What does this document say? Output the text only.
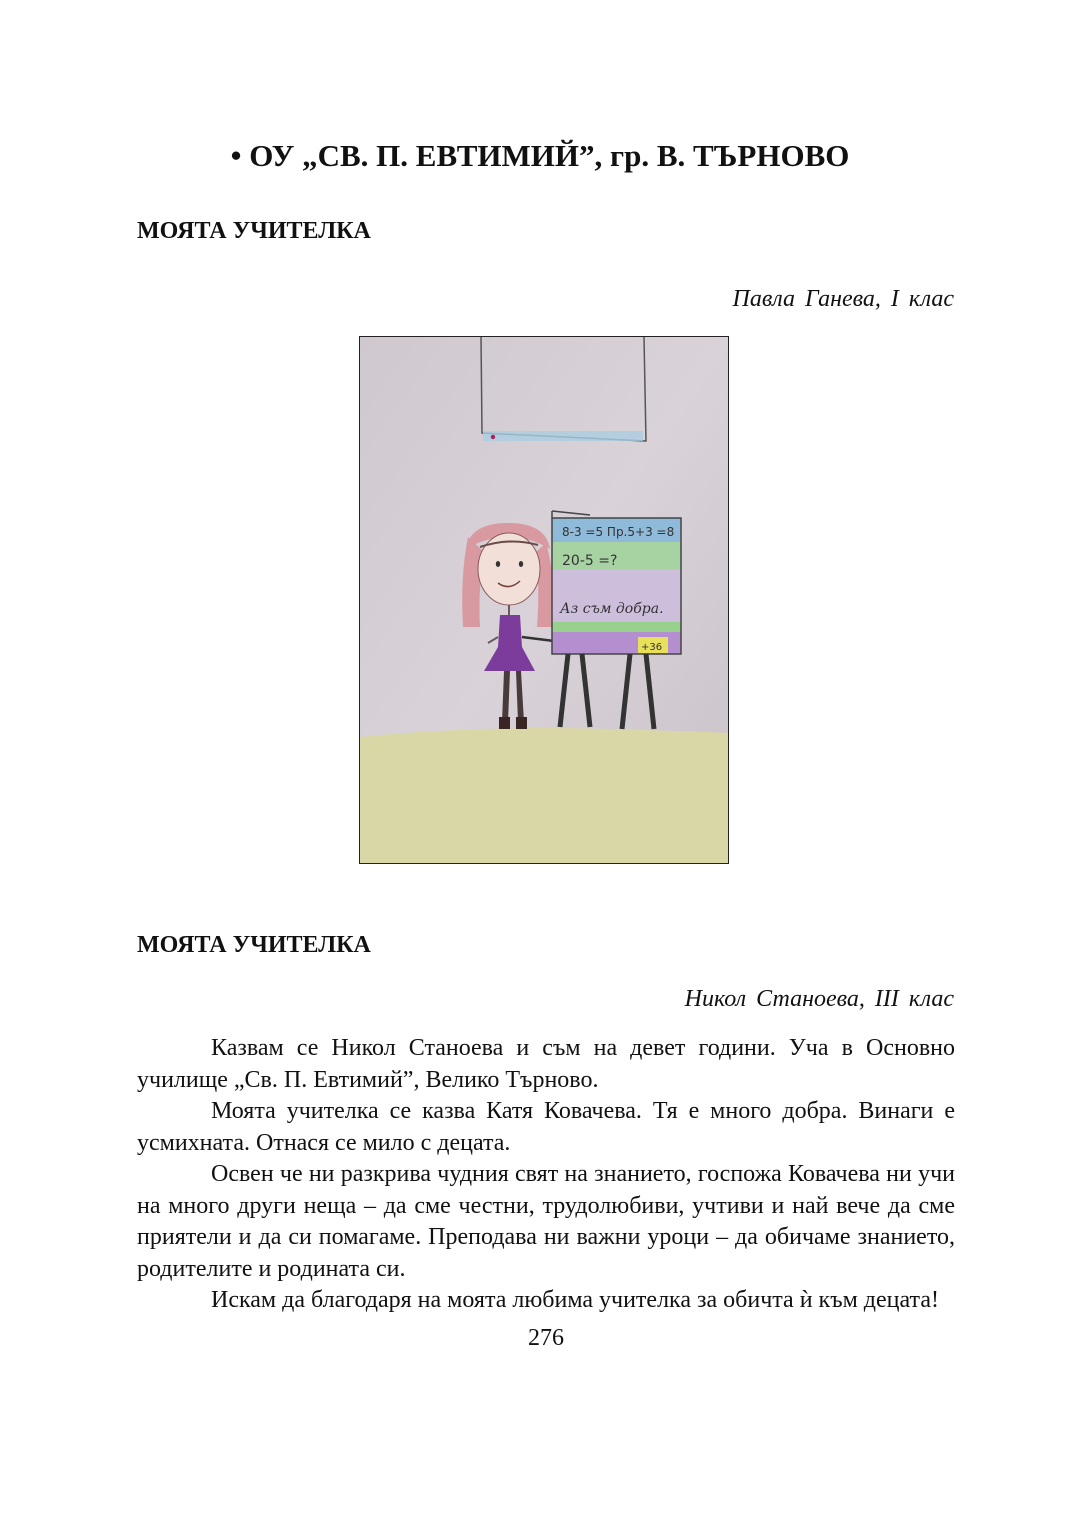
• ОУ „СВ. П. ЕВТИМИЙ”, гр. В. ТЪРНОВО
МОЯТА УЧИТЕЛКА
Павла Ганева, I клас
8-3 =5 Пр.5+3 =8
20-5 =?
Аз съм добра.
+36
МОЯТА УЧИТЕЛКА
Никол Станоева, III клас

Казвам се Никол Станоева и съм на девет години. Уча в Основно училище „Св. П. Евтимий”, Велико Търново.

Моята учителка се казва Катя Ковачева. Тя е много добра. Винаги е усмихната. Отнася се мило с децата.

Освен че ни разкрива чудния свят на знанието, госпожа Ковачева ни учи на много други неща – да сме честни, трудолюбиви, учтиви и най вече да сме приятели и да си помагаме. Преподава ни важни уроци – да обичаме знанието, родителите и родината си.

Искам да благодаря на моята любима учителка за обичта ѝ към децата!

276
